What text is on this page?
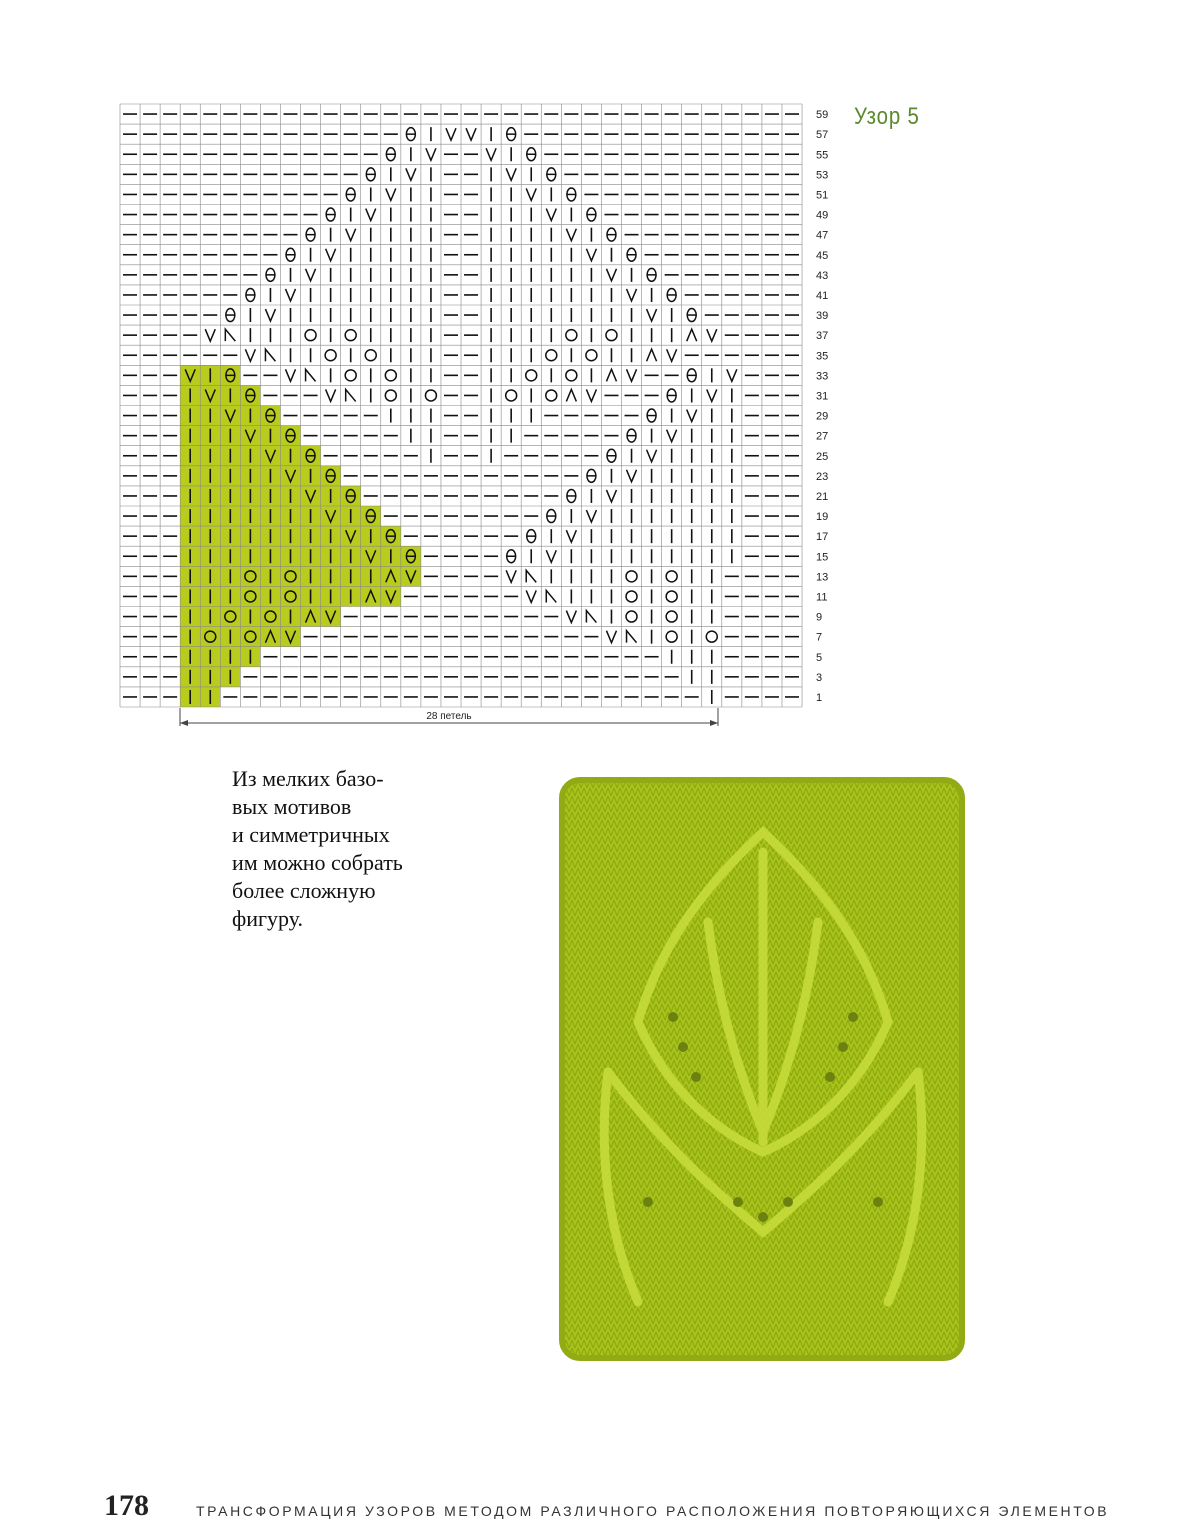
59
57
55
53
51
49
47
45
43
41
39
37
35
33
31
29
27
25
23
21
19
17
15
13
11
9
7
5
3
1
28 петель
Узор 5
Из мелких базо-
вых мотивов
и симметричных
им можно собрать
более сложную
фигуру.
178	ТРАНСФОРМАЦИЯ УЗОРОВ МЕТОДОМ РАЗЛИЧНОГО РАСПОЛОЖЕНИЯ ПОВТОРЯЮЩИХСЯ ЭЛЕМЕНТОВ
